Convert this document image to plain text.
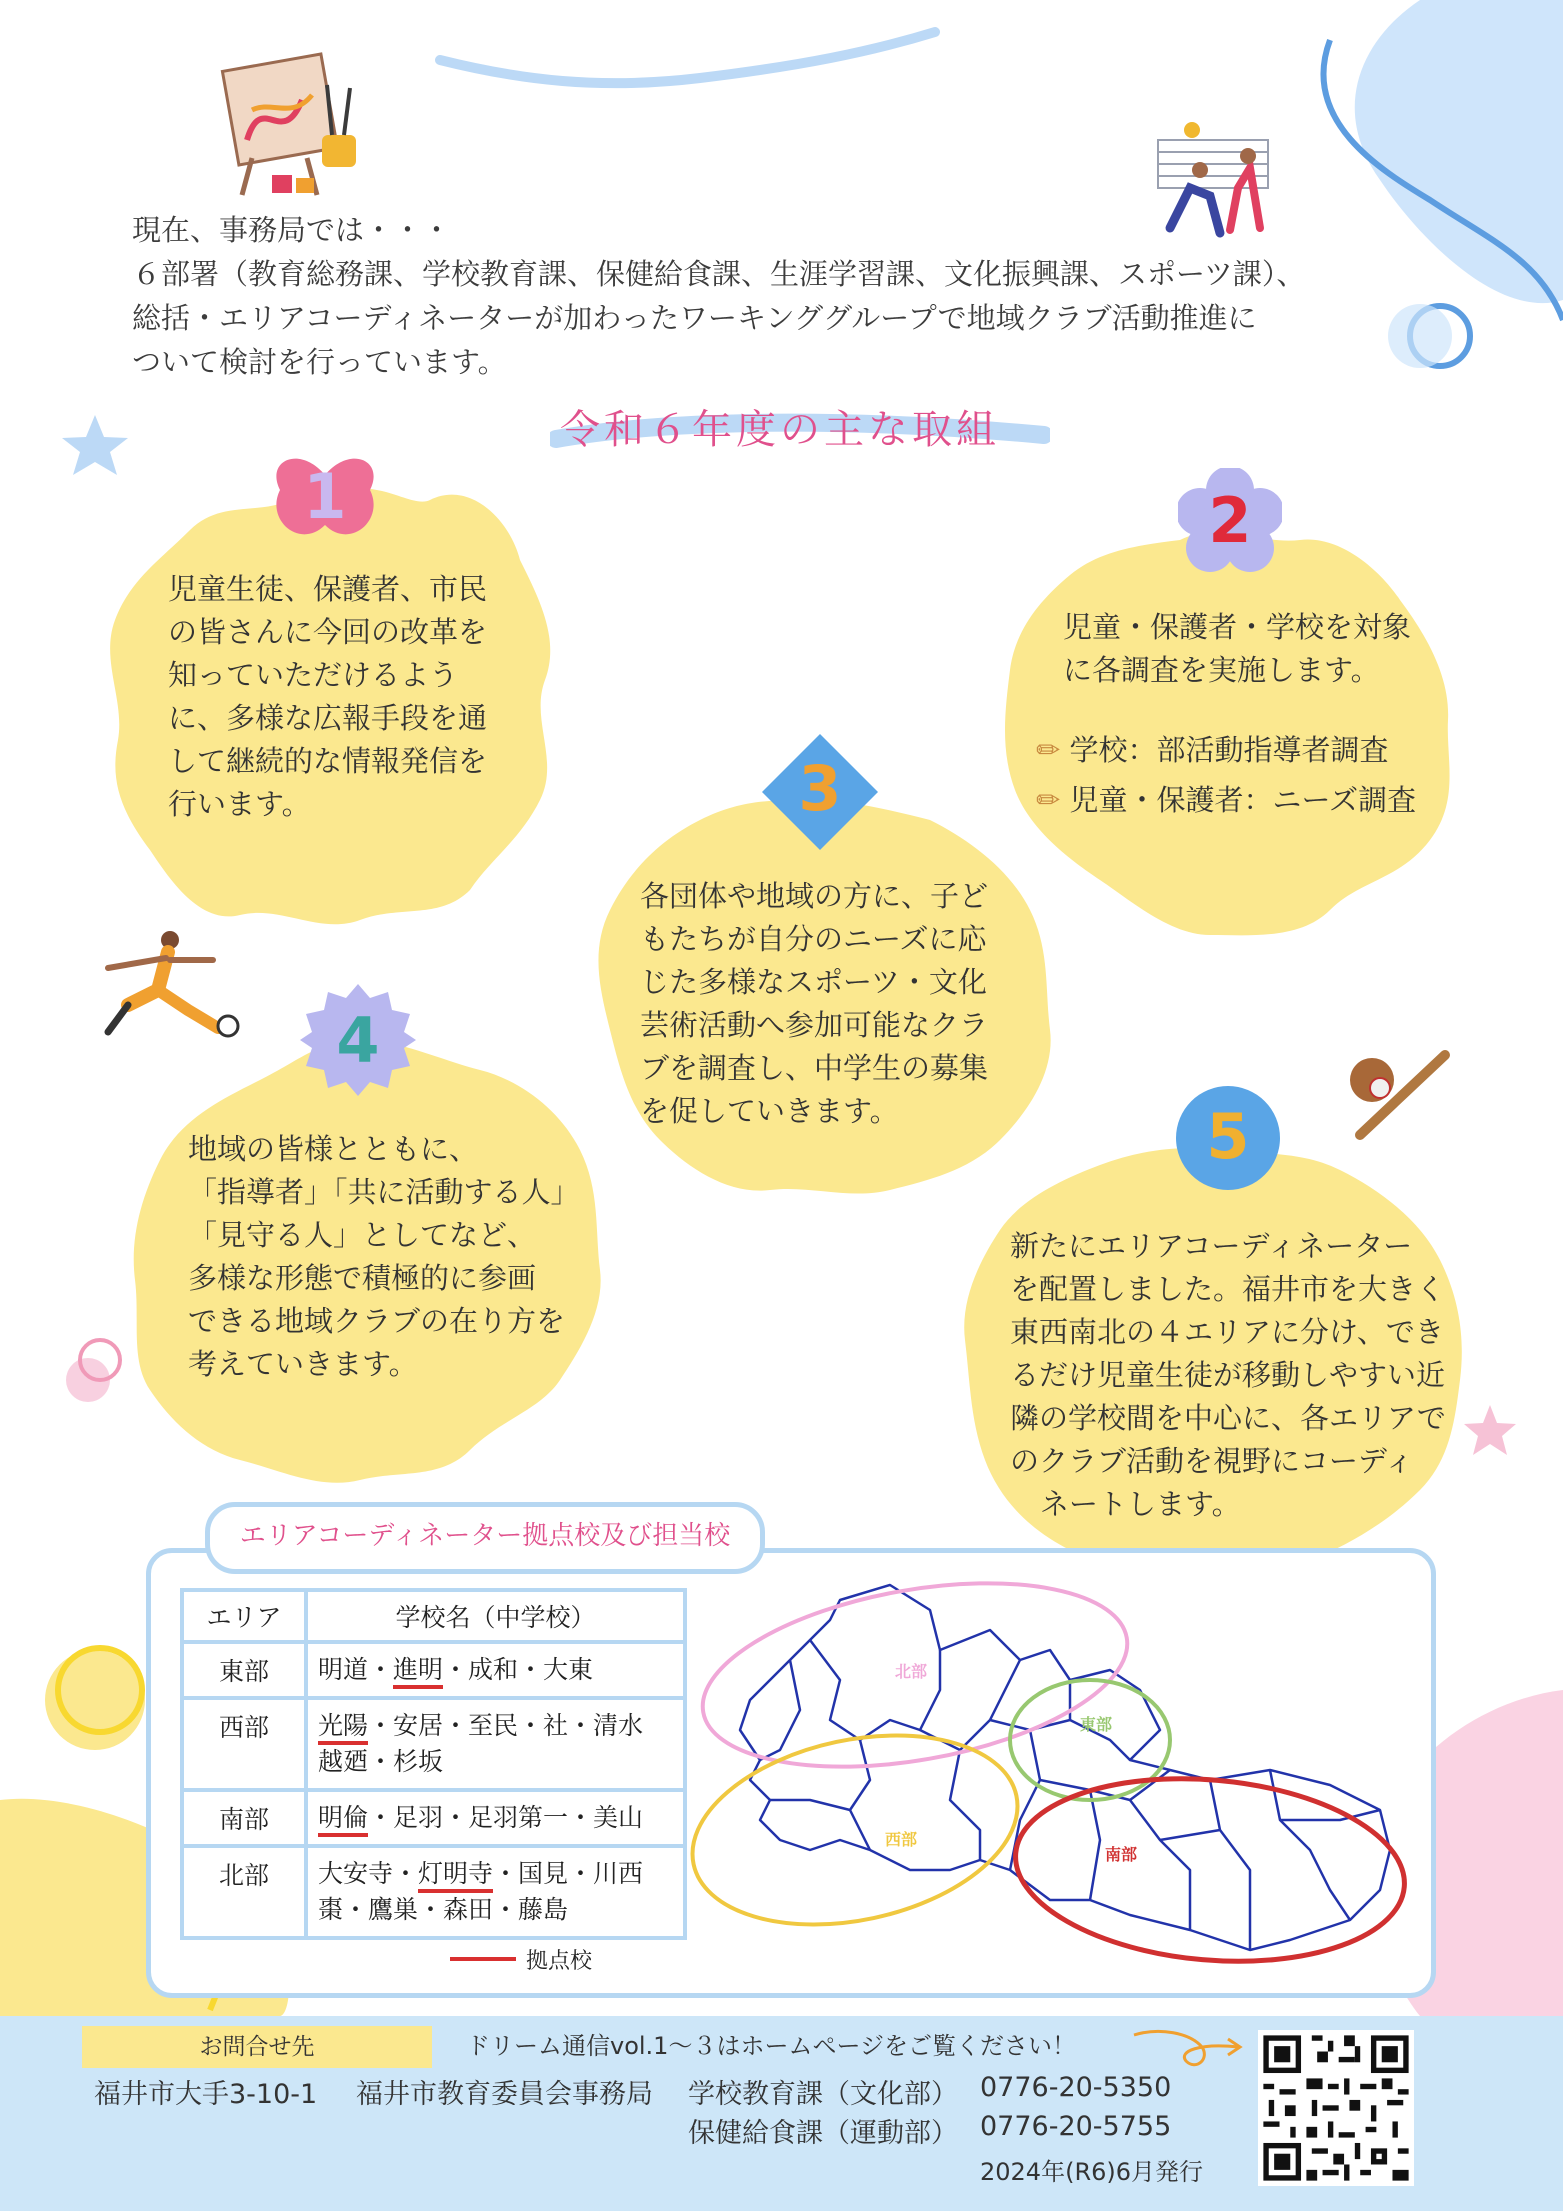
現在、事務局では・・・
６部署（教育総務課、学校教育課、保健給食課、生涯学習課、文化振興課、スポーツ課）、
総括・エリアコーディネーターが加わったワーキンググループで地域クラブ活動推進に
ついて検討を行っています。
令和６年度の主な取組
1	2
3
4
5
児童生徒、保護者、市民
の皆さんに今回の改革を
知っていただけるよう
に、多様な広報手段を通
して継続的な情報発信を
行います。
児童・保護者・学校を対象
に各調査を実施します。
✏ 学校：部活動指導者調査
✏ 児童・保護者：ニーズ調査
各団体や地域の方に、子ど
もたちが自分のニーズに応
じた多様なスポーツ・文化
芸術活動へ参加可能なクラ
ブを調査し、中学生の募集
を促していきます。
地域の皆様とともに、
「指導者」「共に活動する人」
「見守る人」としてなど、
多様な形態で積極的に参画
できる地域クラブの在り方を
考えていきます。
新たにエリアコーディネーター
を配置しました。福井市を大きく
東西南北の４エリアに分け、でき
るだけ児童生徒が移動しやすい近
隣の学校間を中心に、各エリアで
のクラブ活動を視野にコーディ
ネートします。
エリアコーディネーター拠点校及び担当校
エリア	学校名（中学校）
東部	明道・進明・成和・大東
西部	光陽・安居・至民・社・清水
越廼・杉坂
南部	明倫・足羽・足羽第一・美山
北部	大安寺・灯明寺・国見・川西
棗・鷹巣・森田・藤島
拠点校
北部
東部
西部
南部
お問合せ先	ドリーム通信vol.1～３はホームページをご覧ください！
福井市大手3-10-1 福井市教育委員会事務局 学校教育課（文化部） 0776-20-5350
保健給食課（運動部） 0776-20-5755
2024年(R6)6月発行
